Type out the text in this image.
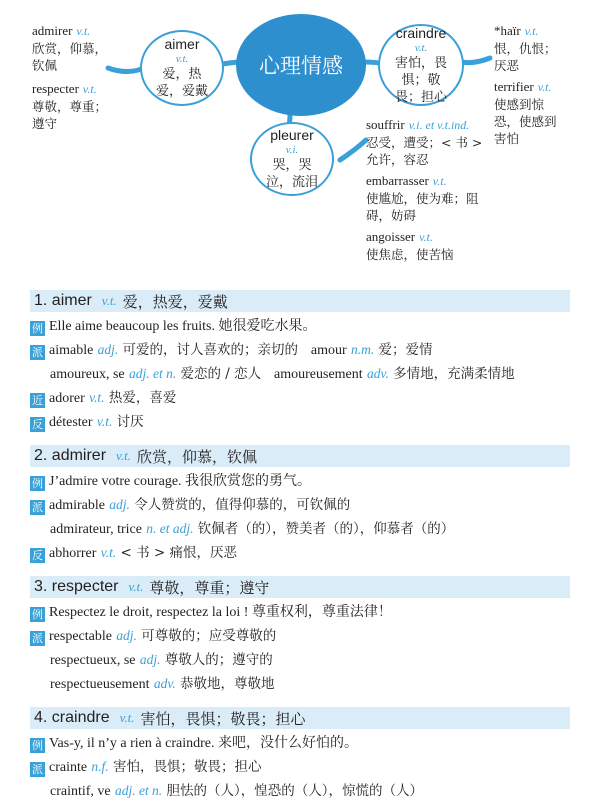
心理情感
aimer
v.t.
爱，热爱，爱戴
craindre
v.t.
害怕，畏惧；敬畏；担心
pleurer
v.i.
哭，哭泣，流泪
admirer v.t.
欣赏，仰慕，钦佩
respecter v.t.
尊敬，尊重；遵守
*haïr v.t.
恨，仇恨；厌恶
terrifier v.t.
使感到惊恐，使感到害怕
souffrir v.i. et v.t.ind.
忍受，遭受；< 书 > 允许，容忍
embarrasser v.t.
使尴尬，使为难；阻碍，妨碍
angoisser v.t.
使焦虑，使苦恼
1. aimer v.t. 爱，热爱，爱戴
例 Elle aime beaucoup les fruits. 她很爱吃水果。
派 aimable adj. 可爱的，讨人喜欢的；亲切的 amour n.m. 爱；爱情
amoureux, se adj. et n. 爱恋的 / 恋人 amoureusement adv. 多情地，充满柔情地
近 adorer v.t. 热爱，喜爱
反 détester v.t. 讨厌
2. admirer v.t. 欣赏，仰慕，钦佩
例 J’admire votre courage. 我很欣赏您的勇气。
派 admirable adj. 令人赞赏的，值得仰慕的，可钦佩的
admirateur, trice n. et adj. 钦佩者（的），赞美者（的），仰慕者（的）
反 abhorrer v.t. < 书 > 痛恨，厌恶
3. respecter v.t. 尊敬，尊重；遵守
例 Respectez le droit, respectez la loi ! 尊重权利，尊重法律！
派 respectable adj. 可尊敬的；应受尊敬的
respectueux, se adj. 尊敬人的；遵守的
respectueusement adv. 恭敬地，尊敬地
4. craindre v.t. 害怕，畏惧；敬畏；担心
例 Vas-y, il n’y a rien à craindre. 来吧，没什么好怕的。
派 crainte n.f. 害怕，畏惧；敬畏；担心
craintif, ve adj. et n. 胆怯的（人），惶恐的（人），惊慌的（人）
